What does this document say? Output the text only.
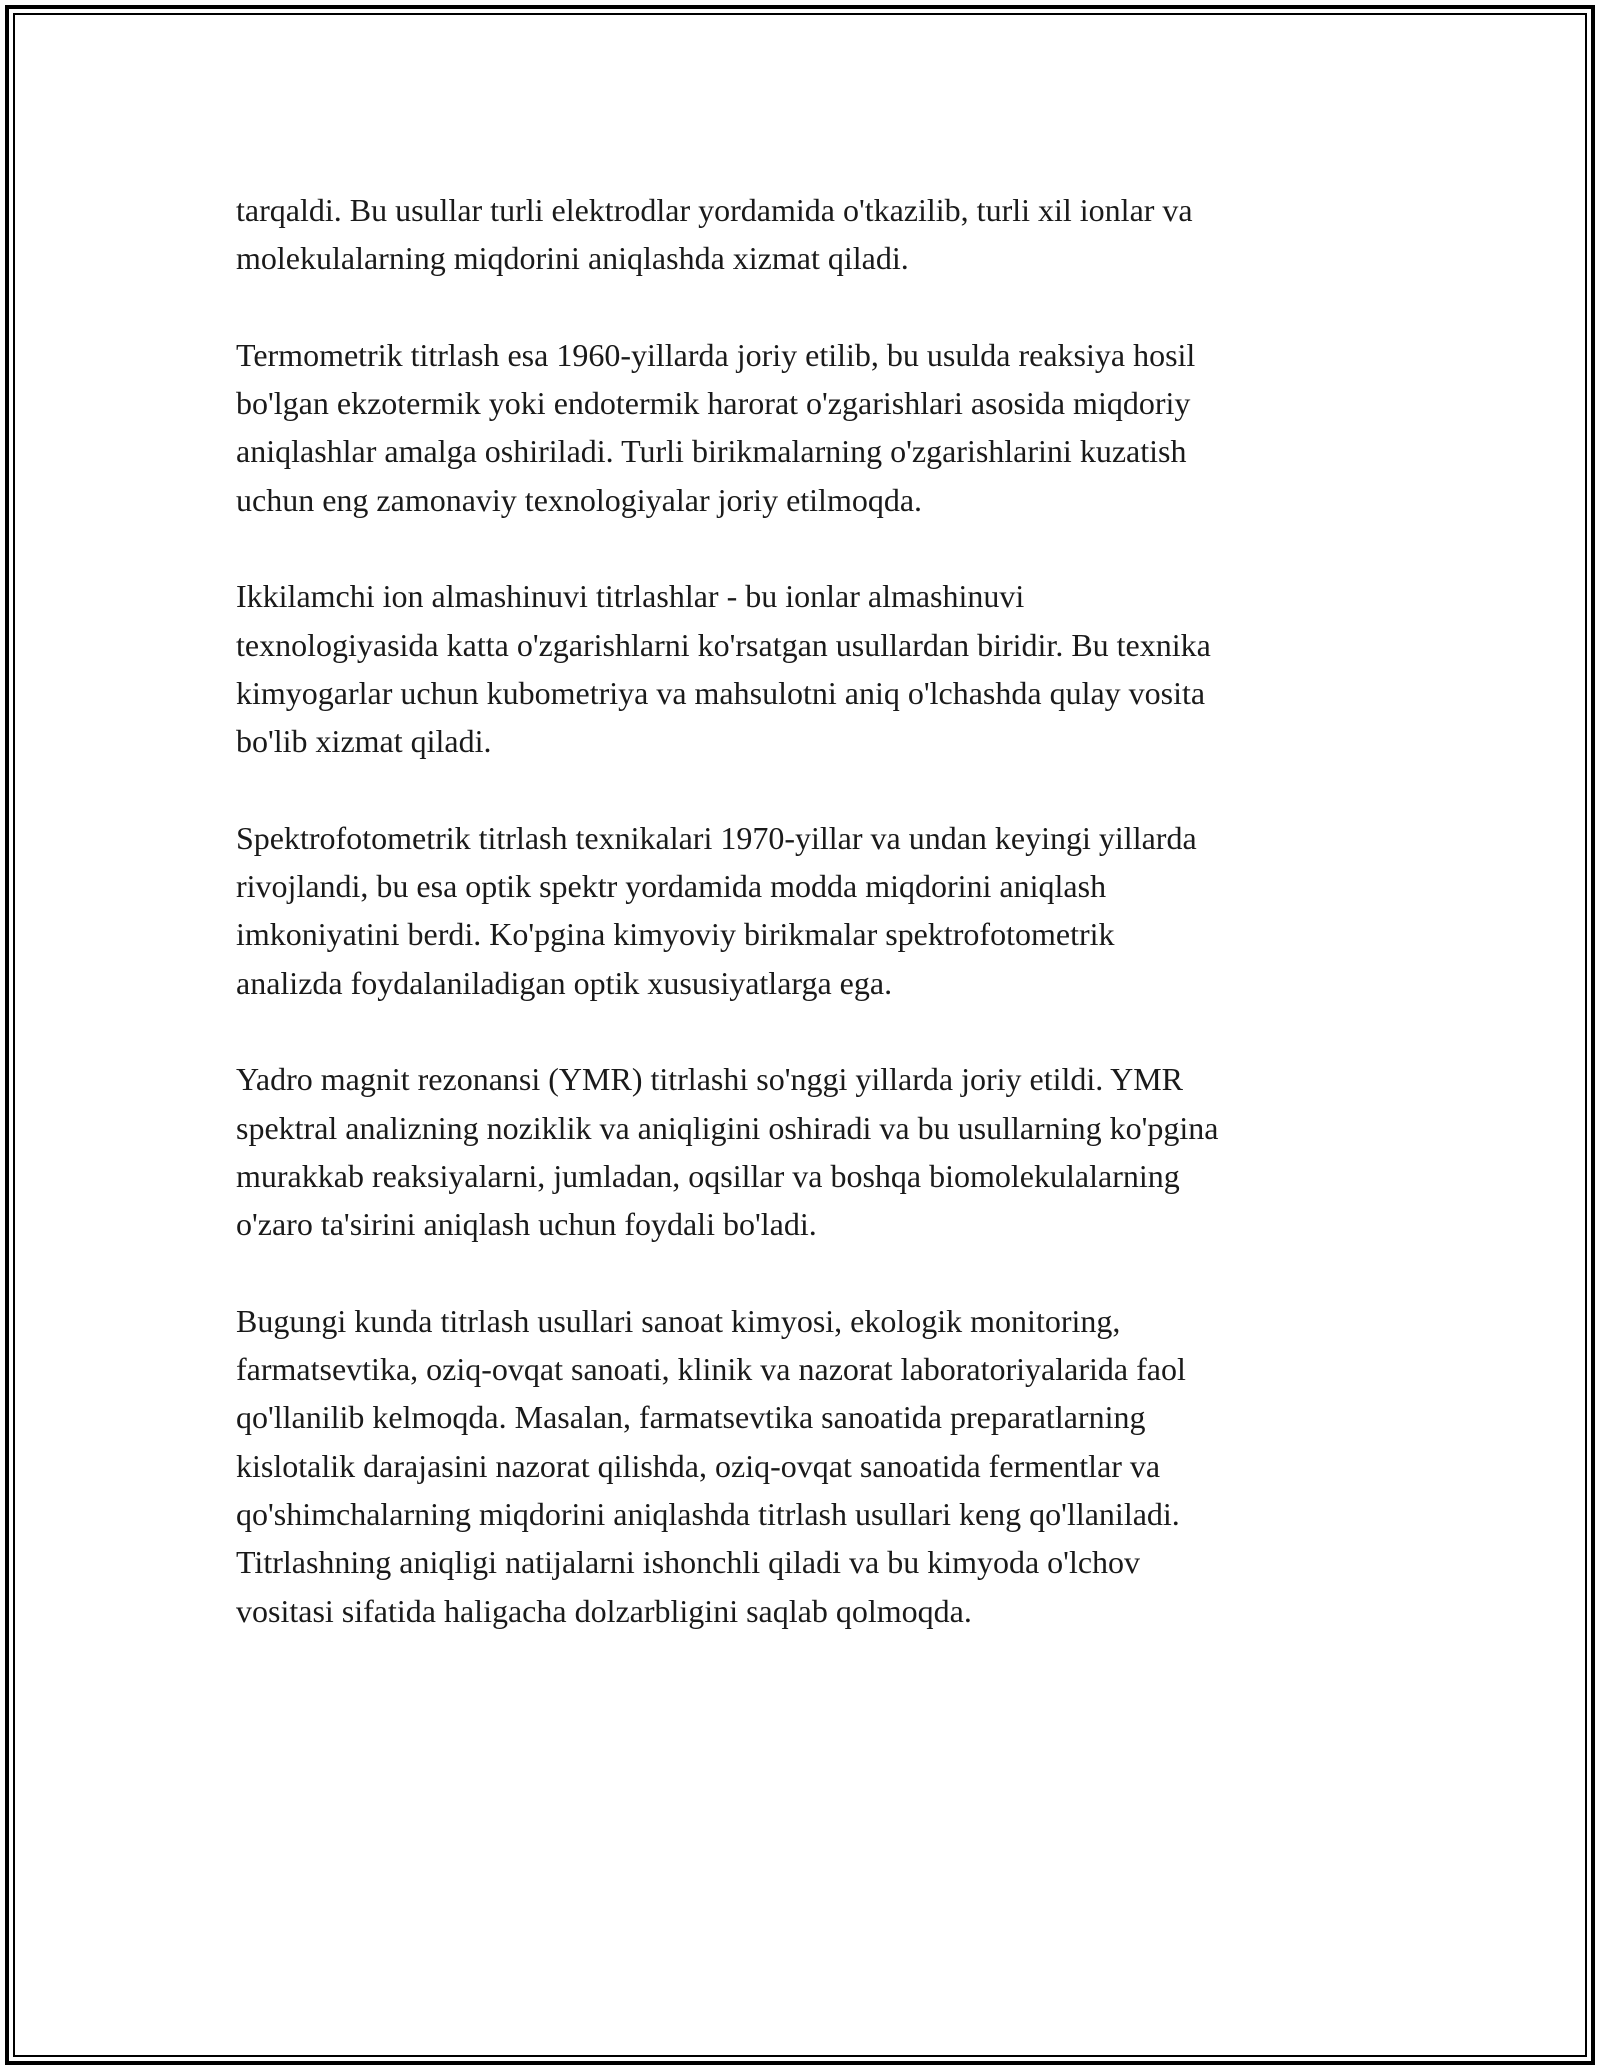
tarqaldi. Bu usullar turli elektrodlar yordamida o'tkazilib, turli xil ionlar va
molekulalarning miqdorini aniqlashda xizmat qiladi.

Termometrik titrlash esa 1960-yillarda joriy etilib, bu usulda reaksiya hosil
bo'lgan ekzotermik yoki endotermik harorat o'zgarishlari asosida miqdoriy
aniqlashlar amalga oshiriladi. Turli birikmalarning o'zgarishlarini kuzatish
uchun eng zamonaviy texnologiyalar joriy etilmoqda.

Ikkilamchi ion almashinuvi titrlashlar - bu ionlar almashinuvi
texnologiyasida katta o'zgarishlarni ko'rsatgan usullardan biridir. Bu texnika
kimyogarlar uchun kubometriya va mahsulotni aniq o'lchashda qulay vosita
bo'lib xizmat qiladi.

Spektrofotometrik titrlash texnikalari 1970-yillar va undan keyingi yillarda
rivojlandi, bu esa optik spektr yordamida modda miqdorini aniqlash
imkoniyatini berdi. Ko'pgina kimyoviy birikmalar spektrofotometrik
analizda foydalaniladigan optik xususiyatlarga ega.

Yadro magnit rezonansi (YMR) titrlashi so'nggi yillarda joriy etildi. YMR
spektral analizning noziklik va aniqligini oshiradi va bu usullarning ko'pgina
murakkab reaksiyalarni, jumladan, oqsillar va boshqa biomolekulalarning
o'zaro ta'sirini aniqlash uchun foydali bo'ladi.

Bugungi kunda titrlash usullari sanoat kimyosi, ekologik monitoring,
farmatsevtika, oziq-ovqat sanoati, klinik va nazorat laboratoriyalarida faol
qo'llanilib kelmoqda. Masalan, farmatsevtika sanoatida preparatlarning
kislotalik darajasini nazorat qilishda, oziq-ovqat sanoatida fermentlar va
qo'shimchalarning miqdorini aniqlashda titrlash usullari keng qo'llaniladi.
Titrlashning aniqligi natijalarni ishonchli qiladi va bu kimyoda o'lchov
vositasi sifatida haligacha dolzarbligini saqlab qolmoqda.
